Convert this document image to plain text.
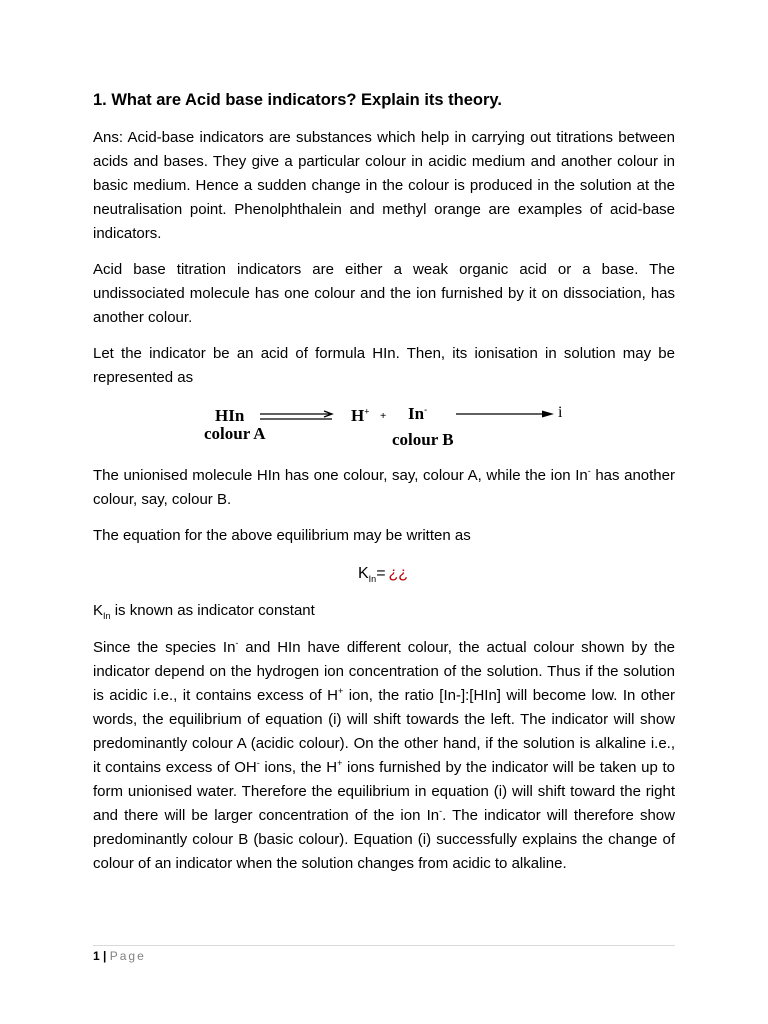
1. What are Acid base indicators? Explain its theory.

Ans: Acid-base indicators are substances which help in carrying out titrations between acids and bases. They give a particular colour in acidic medium and another colour in basic medium. Hence a sudden change in the colour is produced in the solution at the neutralisation point. Phenolphthalein and methyl orange are examples of acid-base indicators.

Acid base titration indicators are either a weak organic acid or a base. The undissociated molecule has one colour and the ion furnished by it on dissociation, has another colour.

Let the indicator be an acid of formula HIn. Then, its ionisation in solution may be represented as

HIn
colour A
H+ + In-
colour B
i

The unionised molecule HIn has one colour, say, colour A, while the ion In- has another colour, say, colour B.

The equation for the above equilibrium may be written as

$K_{In}=$ ¿¿
$K_{In}$ is known as indicator constant

Since the species In- and HIn have different colour, the actual colour shown by the indicator depend on the hydrogen ion concentration of the solution. Thus if the solution is acidic i.e., it contains excess of H+ ion, the ratio [In-]:[HIn] will become low. In other words, the equilibrium of equation (i) will shift towards the left. The indicator will show predominantly colour A (acidic colour). On the other hand, if the solution is alkaline i.e., it contains excess of OH- ions, the H+ ions furnished by the indicator will be taken up to form unionised water. Therefore the equilibrium in equation (i) will shift toward the right and there will be larger concentration of the ion In-. The indicator will therefore show predominantly colour B (basic colour). Equation (i) successfully explains the change of colour of an indicator when the solution changes from acidic to alkaline.

1 | Page
